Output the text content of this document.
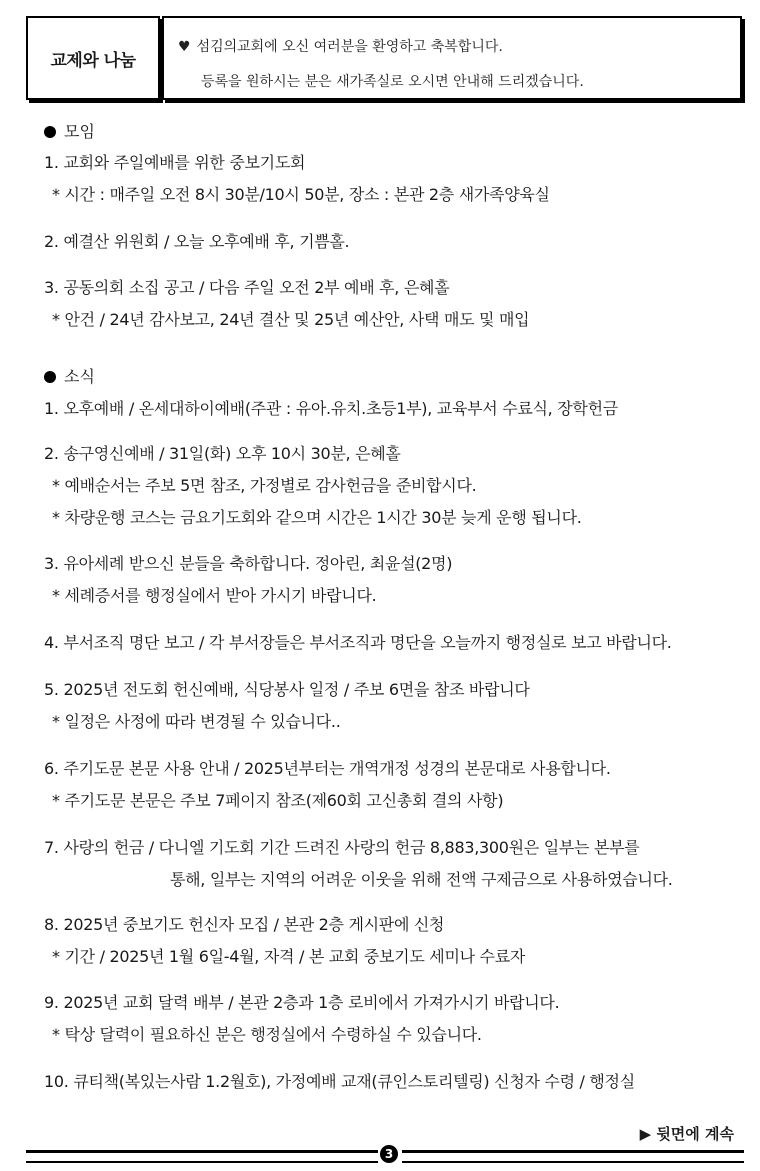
교제와 나눔
♥ 섬김의교회에 오신 여러분을 환영하고 축복합니다.
등록을 원하시는 분은 새가족실로 오시면 안내해 드리겠습니다.
모임
1. 교회와 주일예배를 위한 중보기도회
* 시간 : 매주일 오전 8시 30분/10시 50분, 장소 : 본관 2층 새가족양육실
2. 예결산 위원회 / 오늘 오후예배 후, 기쁨홀.
3. 공동의회 소집 공고 / 다음 주일 오전 2부 예배 후, 은혜홀
* 안건 / 24년 감사보고, 24년 결산 및 25년 예산안, 사택 매도 및 매입
소식
1. 오후예배 / 온세대하이예배(주관 : 유아.유치.초등1부), 교육부서 수료식, 장학헌금
2. 송구영신예배 / 31일(화) 오후 10시 30분, 은혜홀
* 예배순서는 주보 5면 참조, 가정별로 감사헌금을 준비합시다.
* 차량운행 코스는 금요기도회와 같으며 시간은 1시간 30분 늦게 운행 됩니다.
3. 유아세례 받으신 분들을 축하합니다. 정아린, 최윤설(2명)
* 세례증서를 행정실에서 받아 가시기 바랍니다.
4. 부서조직 명단 보고 / 각 부서장들은 부서조직과 명단을 오늘까지 행정실로 보고 바랍니다.
5. 2025년 전도회 헌신예배, 식당봉사 일정 / 주보 6면을 참조 바랍니다
* 일정은 사정에 따라 변경될 수 있습니다..
6. 주기도문 본문 사용 안내 / 2025년부터는 개역개정 성경의 본문대로 사용합니다.
* 주기도문 본문은 주보 7페이지 참조(제60회 고신총회 결의 사항)
7. 사랑의 헌금 / 다니엘 기도회 기간 드려진 사랑의 헌금 8,883,300원은 일부는 본부를
통해, 일부는 지역의 어려운 이웃을 위해 전액 구제금으로 사용하였습니다.
8. 2025년 중보기도 헌신자 모집 / 본관 2층 게시판에 신청
* 기간 / 2025년 1월 6일-4월, 자격 / 본 교회 중보기도 세미나 수료자
9. 2025년 교회 달력 배부 / 본관 2층과 1층 로비에서 가져가시기 바랍니다.
* 탁상 달력이 필요하신 분은 행정실에서 수령하실 수 있습니다.
10. 큐티책(복있는사람 1.2월호), 가정예배 교재(큐인스토리텔링) 신청자 수령 / 행정실
▶ 뒷면에 계속
3
